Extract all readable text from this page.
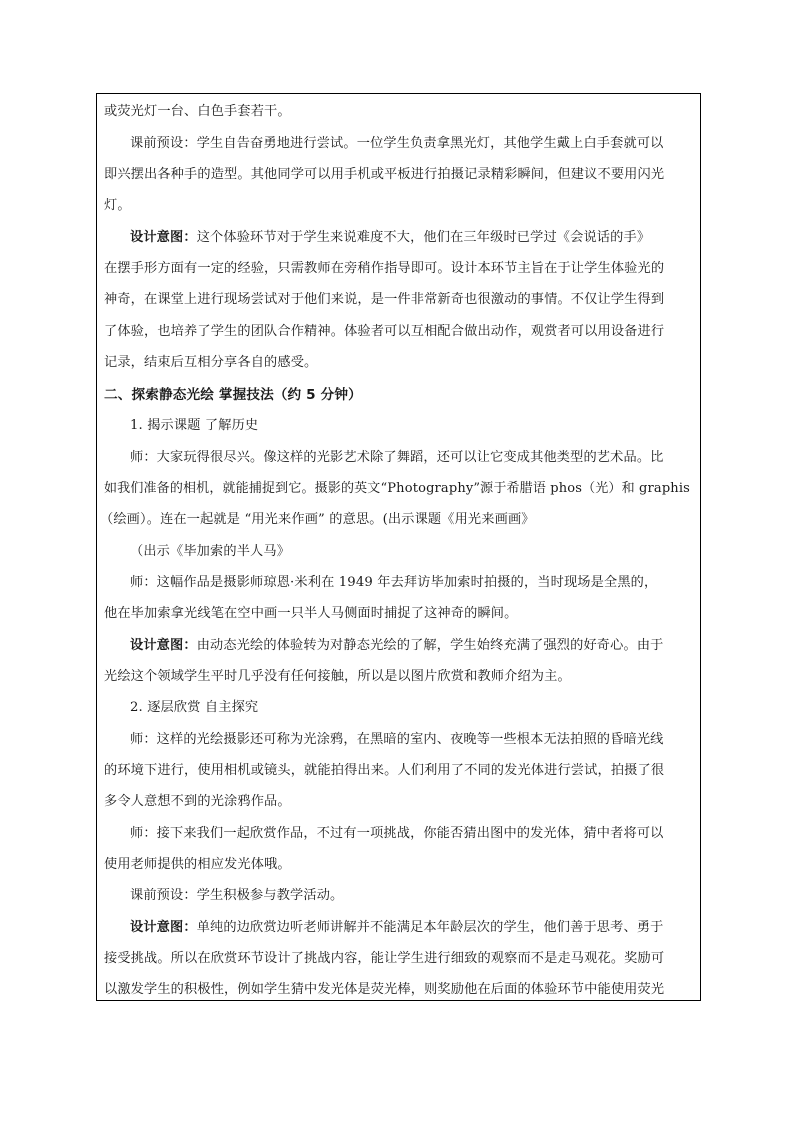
或荧光灯一台、白色手套若干。
课前预设：学生自告奋勇地进行尝试。一位学生负责拿黑光灯，其他学生戴上白手套就可以
即兴摆出各种手的造型。其他同学可以用手机或平板进行拍摄记录精彩瞬间，但建议不要用闪光
灯。
设计意图：这个体验环节对于学生来说难度不大，他们在三年级时已学过《会说话的手》
在摆手形方面有一定的经验，只需教师在旁稍作指导即可。设计本环节主旨在于让学生体验光的
神奇，在课堂上进行现场尝试对于他们来说，是一件非常新奇也很激动的事情。不仅让学生得到
了体验，也培养了学生的团队合作精神。体验者可以互相配合做出动作，观赏者可以用设备进行
记录，结束后互相分享各自的感受。
二、探索静态光绘 掌握技法（约 5 分钟）
1. 揭示课题 了解历史
师：大家玩得很尽兴。像这样的光影艺术除了舞蹈，还可以让它变成其他类型的艺术品。比
如我们准备的相机，就能捕捉到它。摄影的英文“Photography”源于希腊语 phos（光）和 graphis
（绘画）。连在一起就是 “用光来作画” 的意思。(出示课题《用光来画画》
（出示《毕加索的半人马》
师：这幅作品是摄影师琼恩·米利在 1949 年去拜访毕加索时拍摄的，当时现场是全黑的，
他在毕加索拿光线笔在空中画一只半人马侧面时捕捉了这神奇的瞬间。
设计意图：由动态光绘的体验转为对静态光绘的了解，学生始终充满了强烈的好奇心。由于
光绘这个领域学生平时几乎没有任何接触，所以是以图片欣赏和教师介绍为主。
2. 逐层欣赏 自主探究
师：这样的光绘摄影还可称为光涂鸦，在黑暗的室内、夜晚等一些根本无法拍照的昏暗光线
的环境下进行，使用相机或镜头，就能拍得出来。人们利用了不同的发光体进行尝试，拍摄了很
多令人意想不到的光涂鸦作品。
师：接下来我们一起欣赏作品，不过有一项挑战，你能否猜出图中的发光体，猜中者将可以
使用老师提供的相应发光体哦。
课前预设：学生积极参与教学活动。
设计意图：单纯的边欣赏边听老师讲解并不能满足本年龄层次的学生，他们善于思考、勇于
接受挑战。所以在欣赏环节设计了挑战内容，能让学生进行细致的观察而不是走马观花。奖励可
以激发学生的积极性，例如学生猜中发光体是荧光棒，则奖励他在后面的体验环节中能使用荧光
